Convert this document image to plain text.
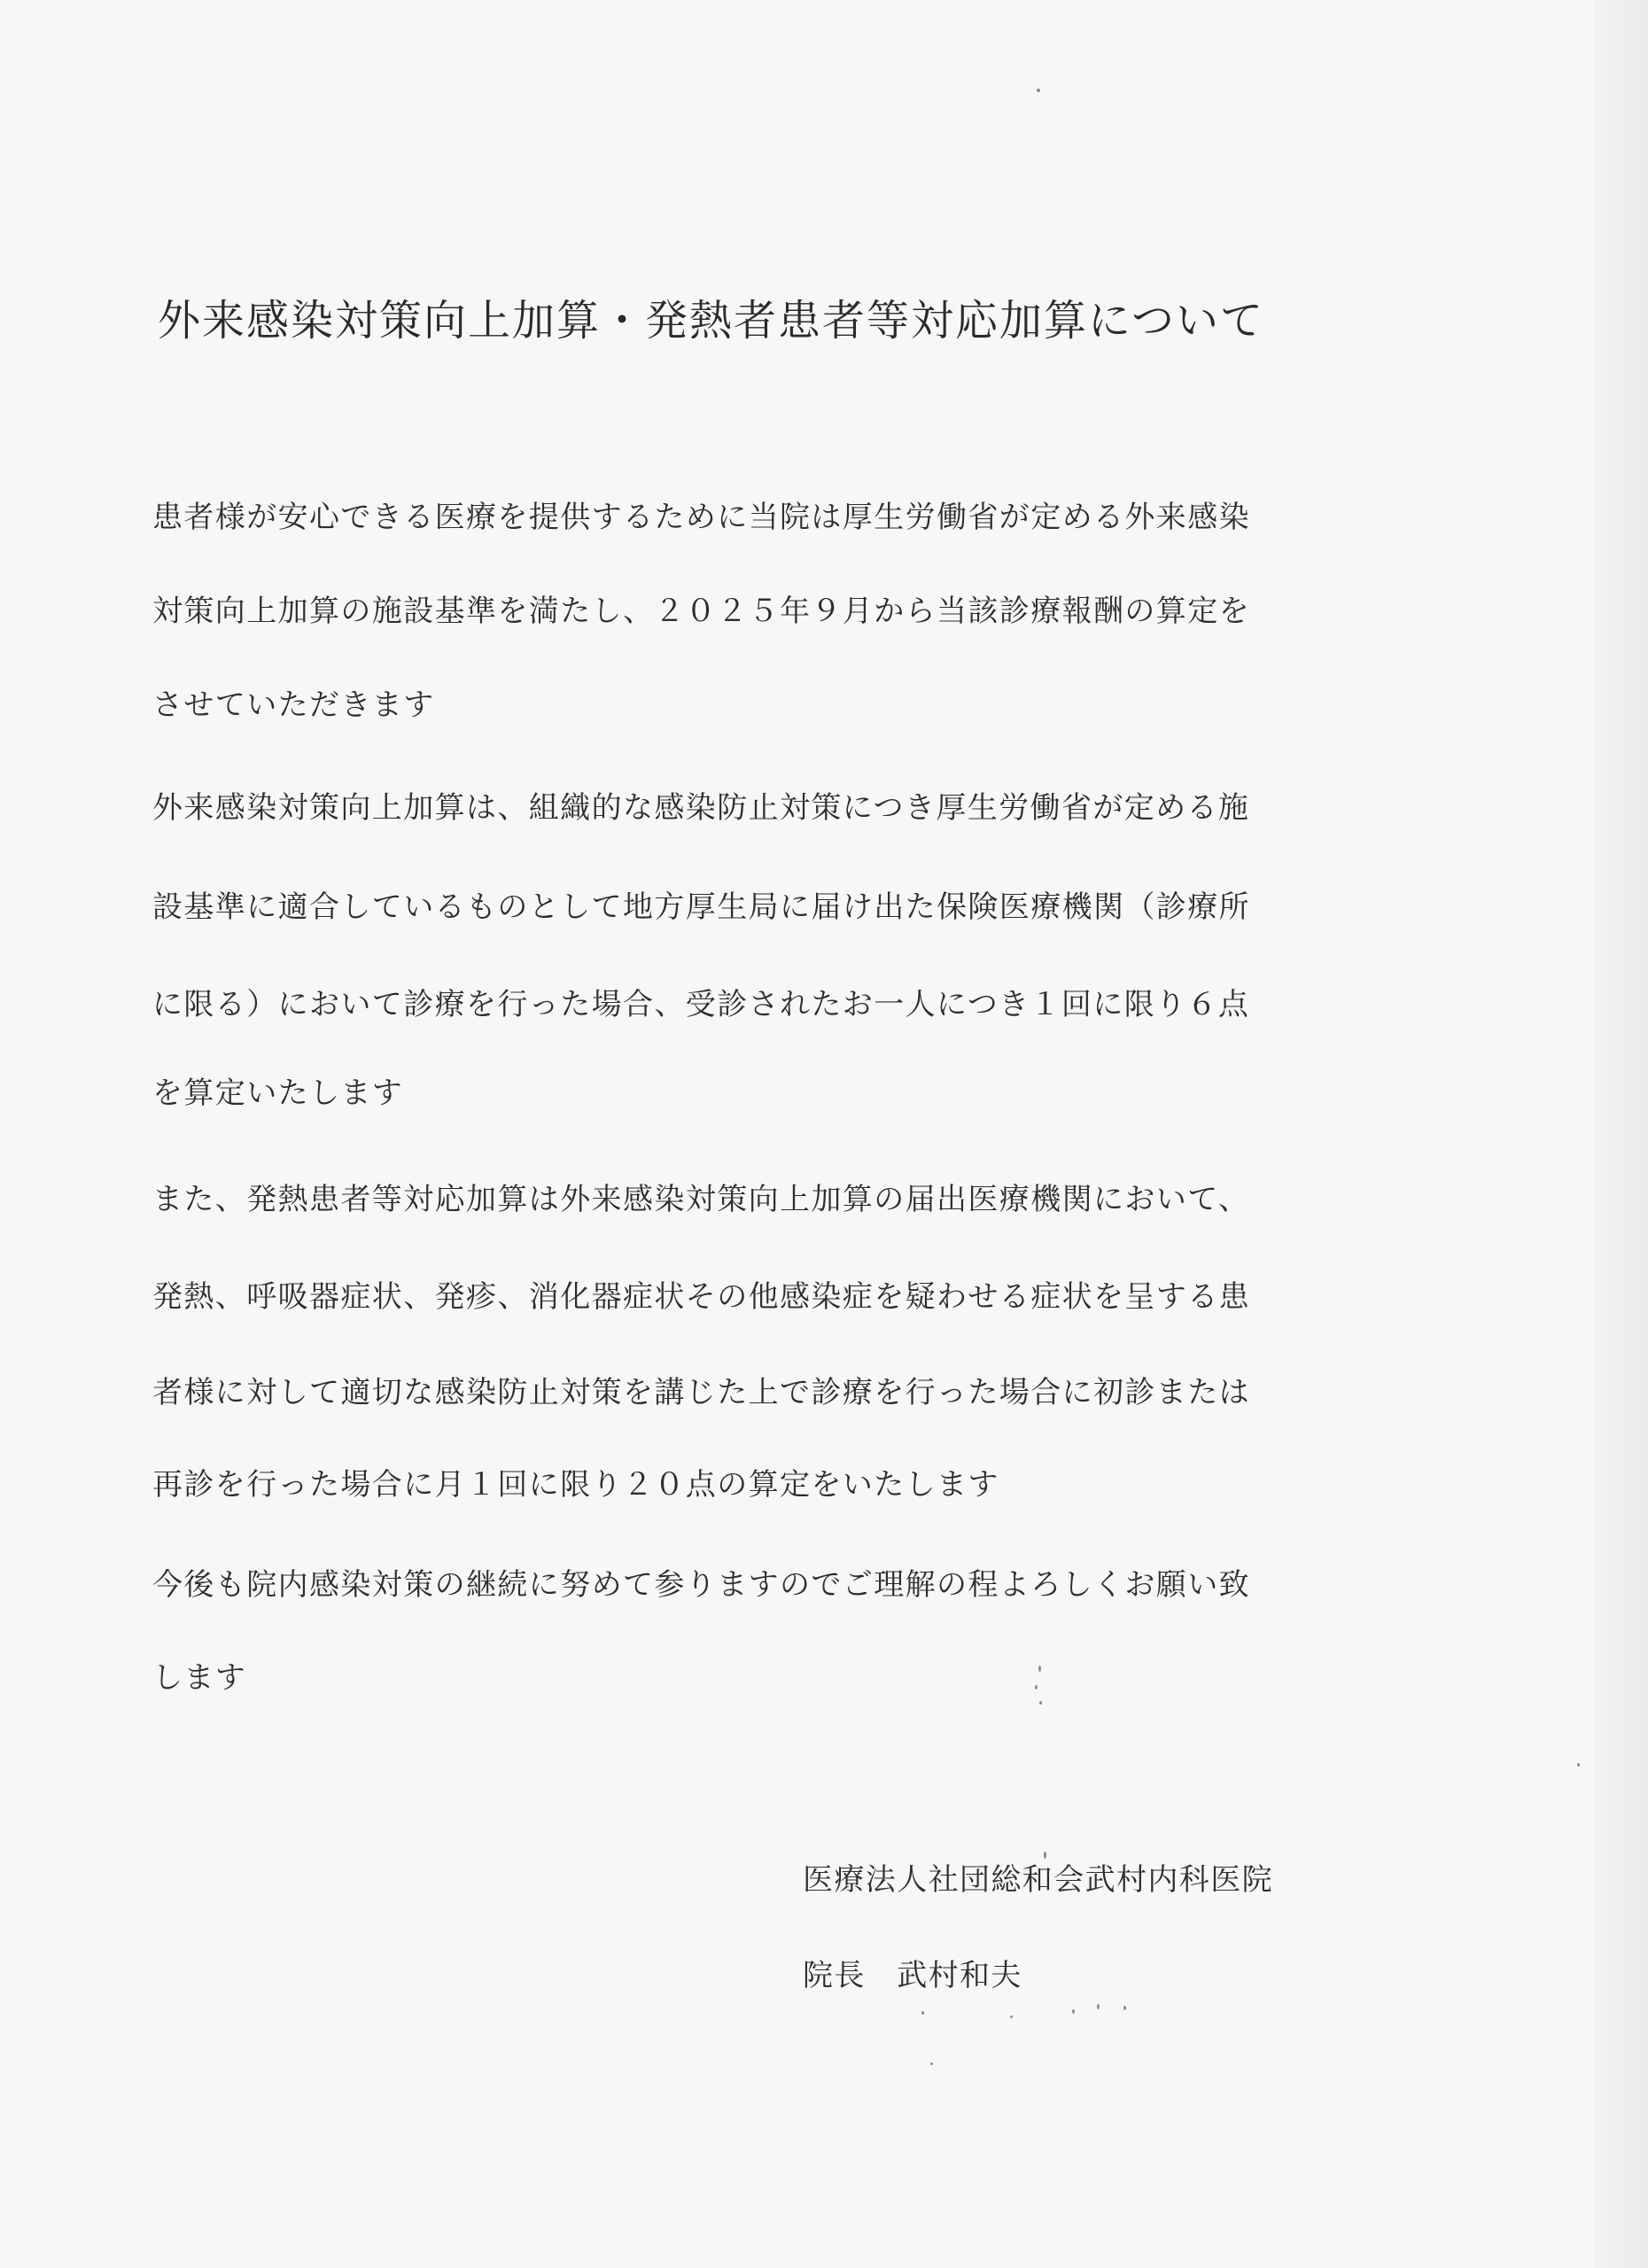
外来感染対策向上加算・発熱者患者等対応加算について
患者様が安心できる医療を提供するために当院は厚生労働省が定める外来感染
対策向上加算の施設基準を満たし、２０２５年９月から当該診療報酬の算定を
させていただきます
外来感染対策向上加算は、組織的な感染防止対策につき厚生労働省が定める施
設基準に適合しているものとして地方厚生局に届け出た保険医療機関（診療所
に限る）において診療を行った場合、受診されたお一人につき１回に限り６点
を算定いたします
また、発熱患者等対応加算は外来感染対策向上加算の届出医療機関において、
発熱、呼吸器症状、発疹、消化器症状その他感染症を疑わせる症状を呈する患
者様に対して適切な感染防止対策を講じた上で診療を行った場合に初診または
再診を行った場合に月１回に限り２０点の算定をいたします
今後も院内感染対策の継続に努めて参りますのでご理解の程よろしくお願い致
します
医療法人社団総和会武村内科医院
院長　武村和夫
